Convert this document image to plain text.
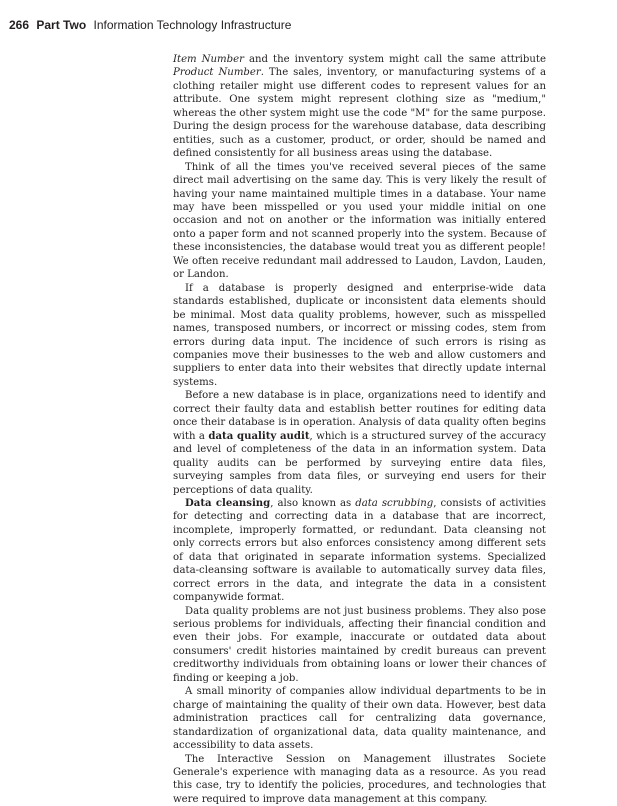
266 Part Two Information Technology Infrastructure

Item Number and the inventory system might call the same attribute Product Number. The sales, inventory, or manufacturing systems of a clothing retailer might use different codes to represent values for an attribute. One system might represent clothing size as "medium," whereas the other system might use the code "M" for the same purpose. During the design process for the warehouse database, data describing entities, such as a customer, product, or order, should be named and defined consistently for all business areas using the database.

Think of all the times you've received several pieces of the same direct mail advertising on the same day. This is very likely the result of having your name maintained multiple times in a database. Your name may have been misspelled or you used your middle initial on one occasion and not on another or the information was initially entered onto a paper form and not scanned properly into the system. Because of these inconsistencies, the database would treat you as different people! We often receive redundant mail addressed to Laudon, Lavdon, Lauden, or Landon.

If a database is properly designed and enterprise-wide data standards established, duplicate or inconsistent data elements should be minimal. Most data quality problems, however, such as misspelled names, transposed numbers, or incorrect or missing codes, stem from errors during data input. The incidence of such errors is rising as companies move their businesses to the web and allow customers and suppliers to enter data into their websites that directly update internal systems.

Before a new database is in place, organizations need to identify and correct their faulty data and establish better routines for editing data once their database is in operation. Analysis of data quality often begins with a data quality audit, which is a structured survey of the accuracy and level of completeness of the data in an information system. Data quality audits can be performed by surveying entire data files, surveying samples from data files, or surveying end users for their perceptions of data quality.

Data cleansing, also known as data scrubbing, consists of activities for detecting and correcting data in a database that are incorrect, incomplete, improperly formatted, or redundant. Data cleansing not only corrects errors but also enforces consistency among different sets of data that originated in separate information systems. Specialized data-cleansing software is available to automatically survey data files, correct errors in the data, and integrate the data in a consistent companywide format.

Data quality problems are not just business problems. They also pose serious problems for individuals, affecting their financial condition and even their jobs. For example, inaccurate or outdated data about consumers' credit histories maintained by credit bureaus can prevent creditworthy individuals from obtaining loans or lower their chances of finding or keeping a job.

A small minority of companies allow individual departments to be in charge of maintaining the quality of their own data. However, best data administration practices call for centralizing data governance, standardization of organizational data, data quality maintenance, and accessibility to data assets.

The Interactive Session on Management illustrates Societe Generale's experience with managing data as a resource. As you read this case, try to identify the policies, procedures, and technologies that were required to improve data management at this company.
